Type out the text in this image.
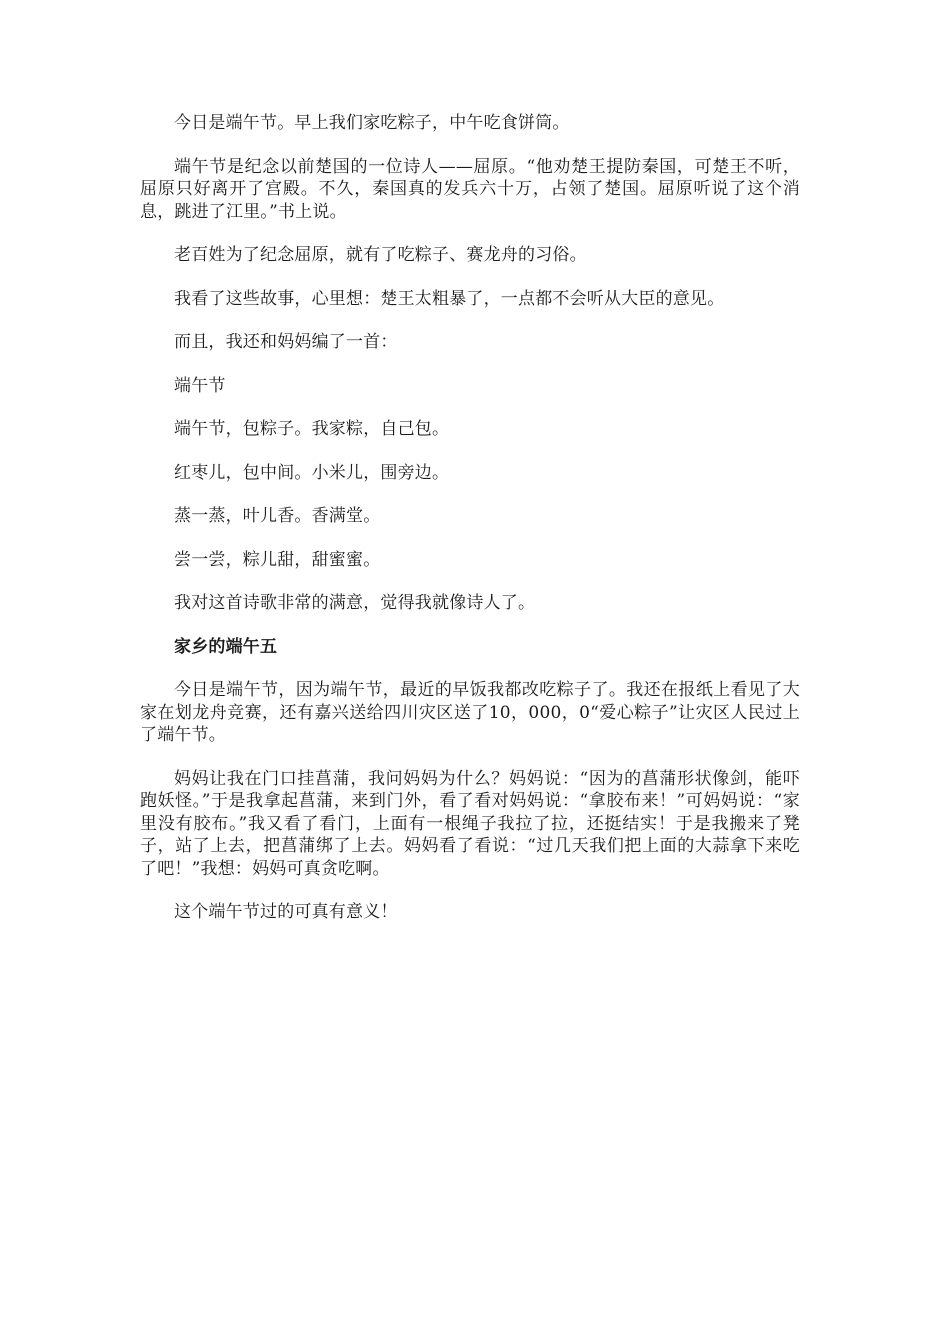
今日是端午节。早上我们家吃粽子，中午吃食饼筒。

端午节是纪念以前楚国的一位诗人——屈原。“他劝楚王提防秦国，可楚王不听，屈原只好离开了宫殿。不久，秦国真的发兵六十万，占领了楚国。屈原听说了这个消息，跳进了江里。”书上说。

老百姓为了纪念屈原，就有了吃粽子、赛龙舟的习俗。

我看了这些故事，心里想：楚王太粗暴了，一点都不会听从大臣的意见。

而且，我还和妈妈编了一首：

端午节

端午节，包粽子。我家粽，自己包。

红枣儿，包中间。小米儿，围旁边。

蒸一蒸，叶儿香。香满堂。

尝一尝，粽儿甜，甜蜜蜜。

我对这首诗歌非常的满意，觉得我就像诗人了。

家乡的端午五

今日是端午节，因为端午节，最近的早饭我都改吃粽子了。我还在报纸上看见了大家在划龙舟竞赛，还有嘉兴送给四川灾区送了10，000，0“爱心粽子”让灾区人民过上了端午节。

妈妈让我在门口挂菖蒲，我问妈妈为什么？妈妈说：“因为的菖蒲形状像剑，能吓跑妖怪。”于是我拿起菖蒲，来到门外，看了看对妈妈说：“拿胶布来！”可妈妈说：“家里没有胶布。”我又看了看门，上面有一根绳子我拉了拉，还挺结实！于是我搬来了凳子，站了上去，把菖蒲绑了上去。妈妈看了看说：“过几天我们把上面的大蒜拿下来吃了吧！”我想：妈妈可真贪吃啊。

这个端午节过的可真有意义！
